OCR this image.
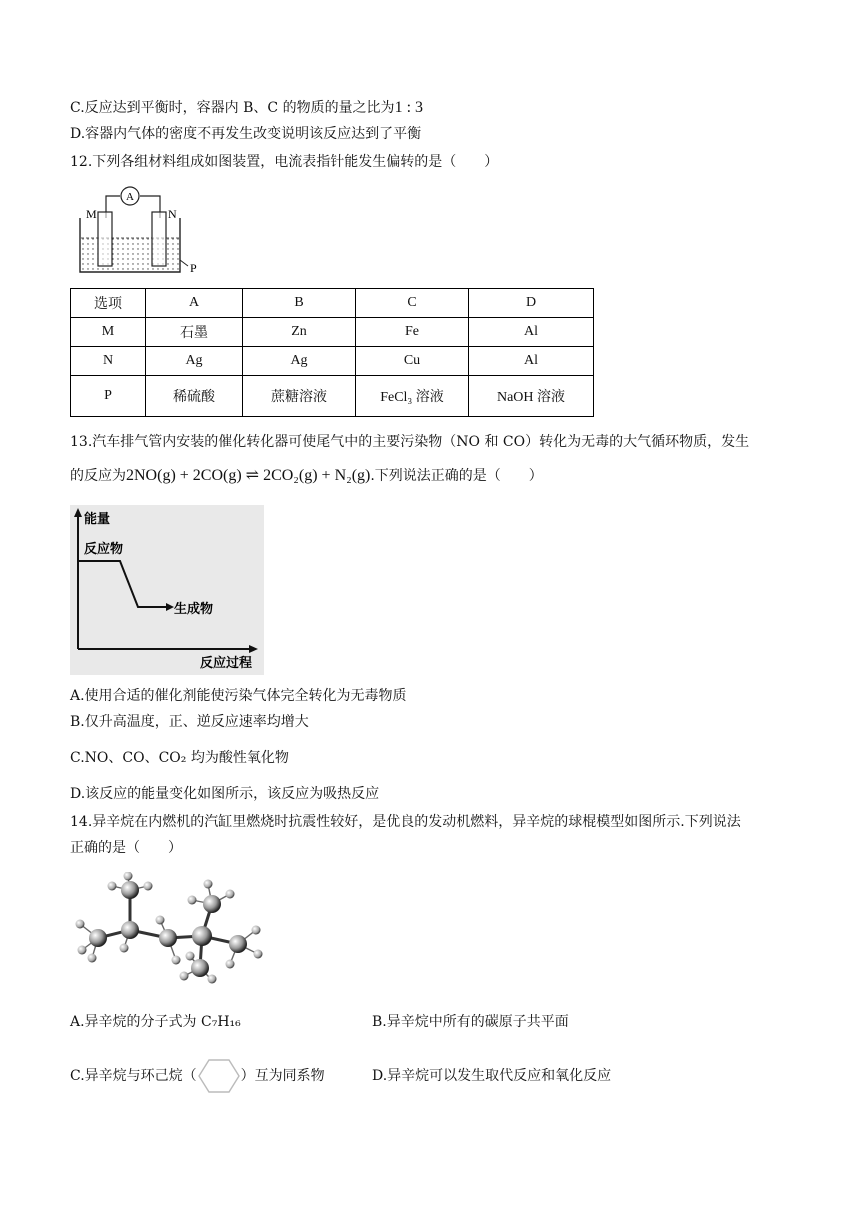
C.反应达到平衡时，容器内 B、C 的物质的量之比为1 : 3
D.容器内气体的密度不再发生改变说明该反应达到了平衡
12.下列各组材料组成如图装置，电流表指针能发生偏转的是（　　）
A
M	N
P
选项	A	B	C	D
M	石墨	Zn	Fe	Al
N	Ag	Ag	Cu	Al
P	稀硫酸	蔗糖溶液	FeCl₃ 溶液	NaOH 溶液
13.汽车排气管内安装的催化转化器可使尾气中的主要污染物（NO 和 CO）转化为无毒的大气循环物质，发生
的反应为2NO(g) + 2CO(g) ⇌ 2CO₂(g) + N₂(g).下列说法正确的是（　　）
能量
反应过程
反应物
生成物
A.使用合适的催化剂能使污染气体完全转化为无毒物质
B.仅升高温度，正、逆反应速率均增大
C.NO、CO、CO₂ 均为酸性氧化物
D.该反应的能量变化如图所示，该反应为吸热反应
14.异辛烷在内燃机的汽缸里燃烧时抗震性较好，是优良的发动机燃料，异辛烷的球棍模型如图所示.下列说法
正确的是（　　）
A.异辛烷的分子式为 C₇H₁₆	B.异辛烷中所有的碳原子共平面
C.异辛烷与环己烷（	）互为同系物	D.异辛烷可以发生取代反应和氧化反应
